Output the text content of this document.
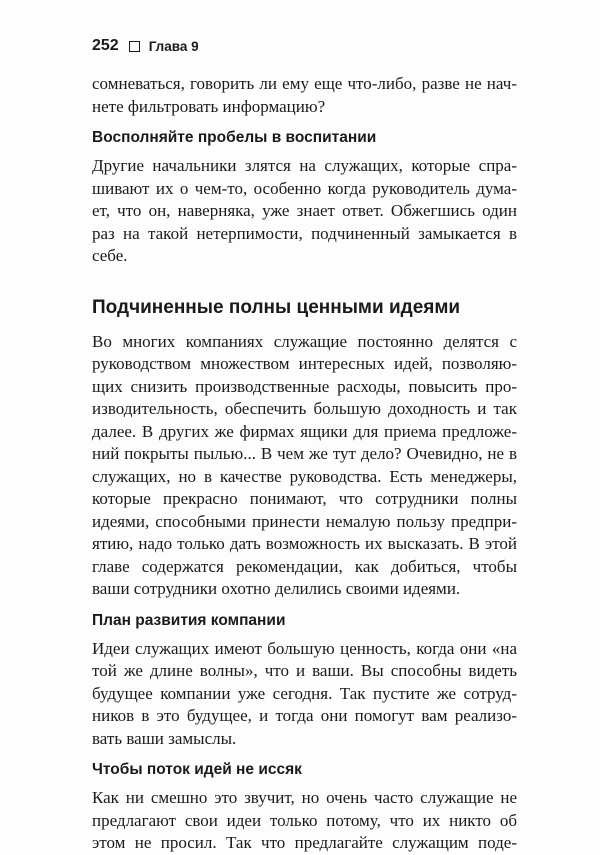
252 Глава 9

сомневаться, говорить ли ему еще что-либо, разве не нач-
нете фильтровать информацию?

Восполняйте пробелы в воспитании

Другие начальники злятся на служащих, которые спра-
шивают их о чем-то, особенно когда руководитель дума-
ет, что он, наверняка, уже знает ответ. Обжегшись один
раз на такой нетерпимости, подчиненный замыкается в
себе.

Подчиненные полны ценными идеями

Во многих компаниях служащие постоянно делятся с
руководством множеством интересных идей, позволяю-
щих снизить производственные расходы, повысить про-
изводительность, обеспечить большую доходность и так
далее. В других же фирмах ящики для приема предложе-
ний покрыты пылью... В чем же тут дело? Очевидно, не в
служащих, но в качестве руководства. Есть менеджеры,
которые прекрасно понимают, что сотрудники полны
идеями, способными принести немалую пользу предпри-
ятию, надо только дать возможность их высказать. В этой
главе содержатся рекомендации, как добиться, чтобы
ваши сотрудники охотно делились своими идеями.

План развития компании

Идеи служащих имеют большую ценность, когда они «на
той же длине волны», что и ваши. Вы способны видеть
будущее компании уже сегодня. Так пустите же сотруд-
ников в это будущее, и тогда они помогут вам реализо-
вать ваши замыслы.

Чтобы поток идей не иссяк

Как ни смешно это звучит, но очень часто служащие не
предлагают свои идеи только потому, что их никто об
этом не просил. Так что предлагайте служащим поде-
